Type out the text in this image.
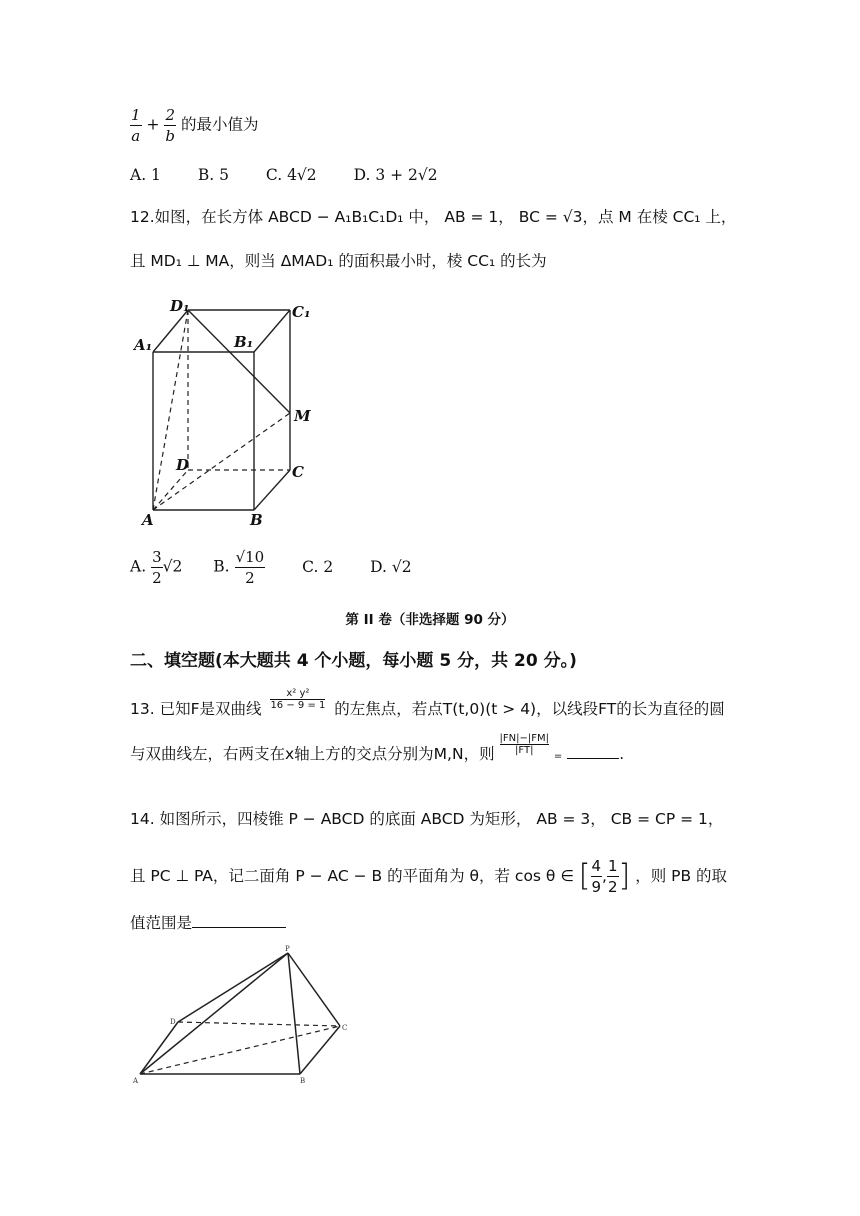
$\frac{1}{a} + \frac{2}{b}$ 的最小值为
A. 1 B. 5 C. 4√2 D. 3 + 2√2
12.如图，在长方体 ABCD − A₁B₁C₁D₁ 中， AB = 1， BC = √3，点 M 在棱 CC₁ 上，
且 MD₁ ⊥ MA，则当 ΔMAD₁ 的面积最小时，棱 CC₁ 的长为
D₁	C₁
A₁	B₁
M
D	C
A	B
A. $\frac{3}{2} √2$ B. $\frac{√10}{2} C$. 2 D. √2
第 II 卷（非选择题 90 分）
二、填空题(本大题共 4 个小题，每小题 5 分，共 20 分。)
13. 已知F是双曲线 $\frac{\text{x² y²}}{16 - 9 = 1}$ 的左焦点，若点T(t,0)(t > 4)，以线段FT的长为直径的圆
与双曲线左，右两支在x轴上方的交点分别为M,N，则 $\frac{|FN|-|FM|}{|FT|}$
=	.
14. 如图所示，四棱锥 P − ABCD 的底面 ABCD 为矩形， AB = 3， CB = CP = 1，
且 PC ⊥ PA，记二面角 P − AC − B 的平面角为 θ，若 cos θ ∈ [ $\frac{4}{9}$ , $\frac{1}{2}$ ] ，则 PB 的取
值范围是
P
D
C
A	B
